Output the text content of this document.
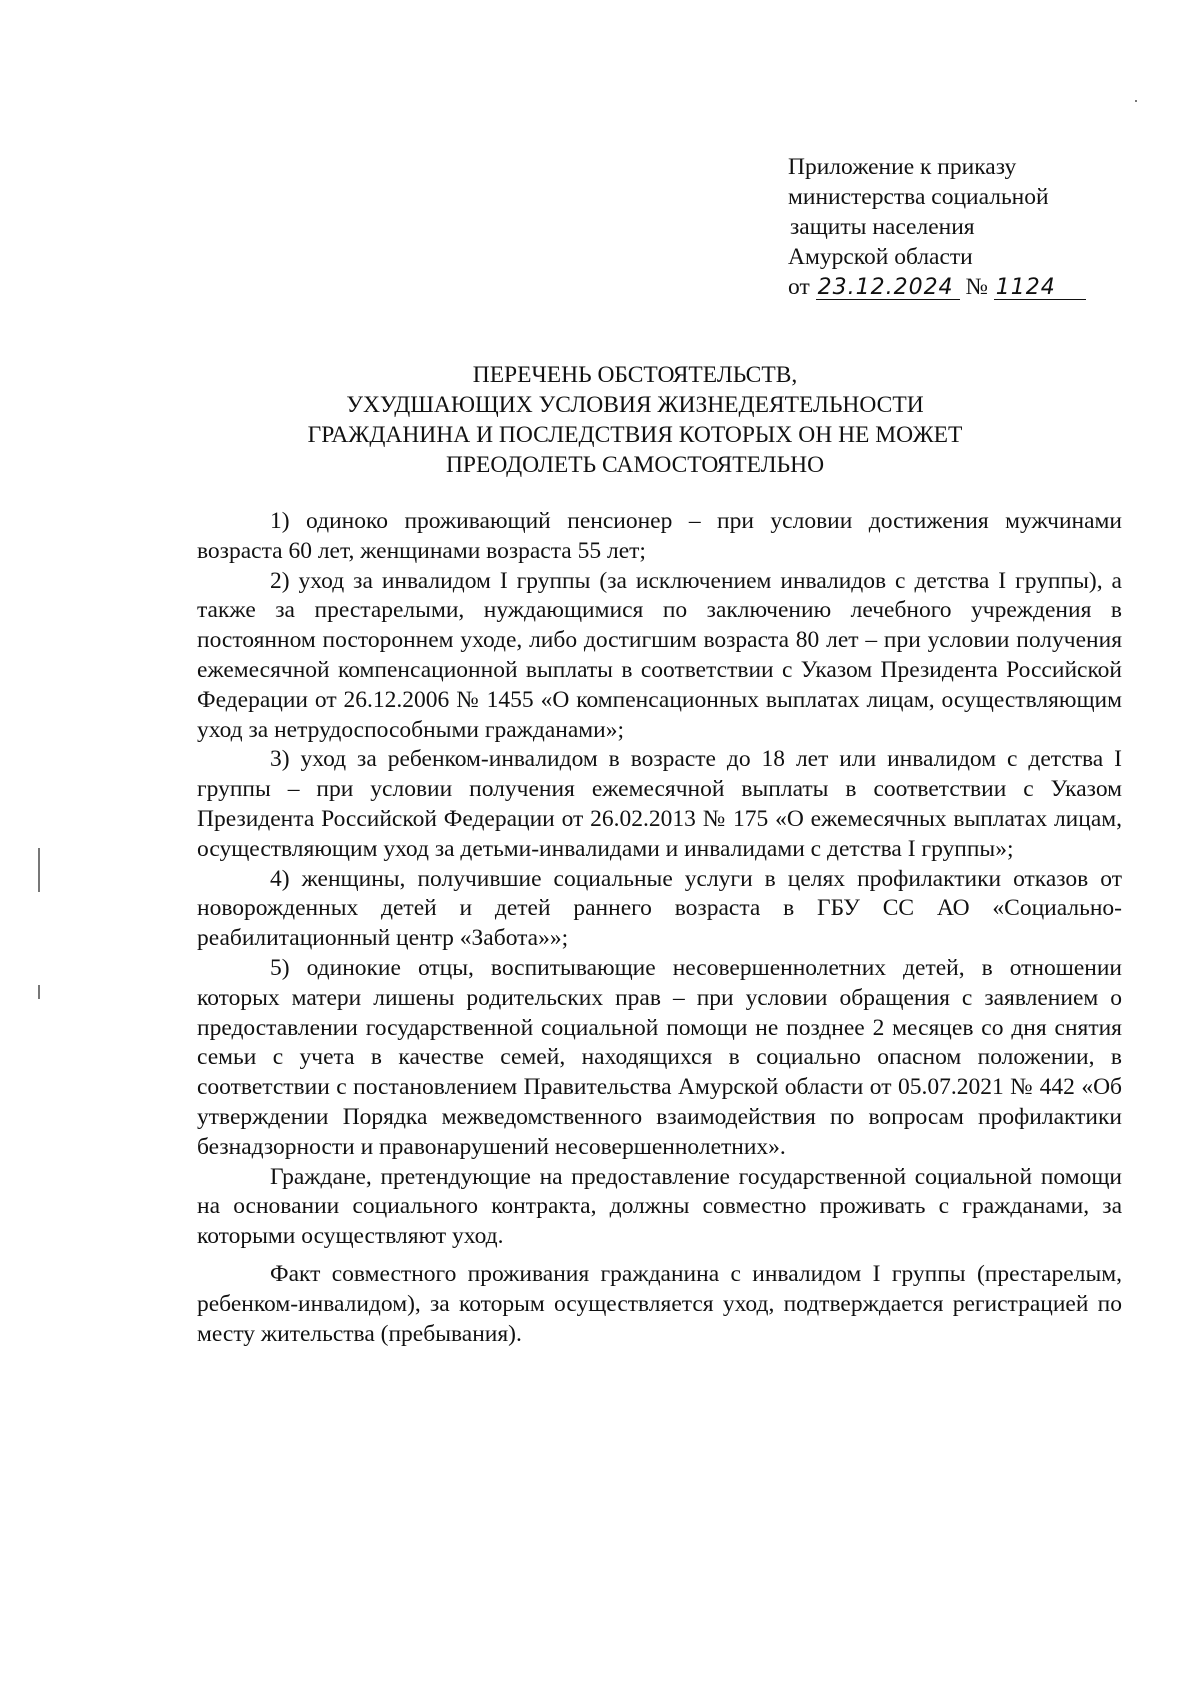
Приложение к приказу
министерства социальной
защиты населения
Амурской области
от 23.12.2024 № 1124
ПЕРЕЧЕНЬ ОБСТОЯТЕЛЬСТВ,
УХУДШАЮЩИХ УСЛОВИЯ ЖИЗНЕДЕЯТЕЛЬНОСТИ
ГРАЖДАНИНА И ПОСЛЕДСТВИЯ КОТОРЫХ ОН НЕ МОЖЕТ
ПРЕОДОЛЕТЬ САМОСТОЯТЕЛЬНО

1) одиноко проживающий пенсионер – при условии достижения мужчинами возраста 60 лет, женщинами возраста 55 лет;

2) уход за инвалидом I группы (за исключением инвалидов с детства I группы), а также за престарелыми, нуждающимися по заключению лечебного учреждения в постоянном постороннем уходе, либо достигшим возраста 80 лет – при условии получения ежемесячной компенсационной выплаты в соответствии с Указом Президента Российской Федерации от 26.12.2006 № 1455 «О компенсационных выплатах лицам, осуществляющим уход за нетрудоспособными гражданами»;

3) уход за ребенком-инвалидом в возрасте до 18 лет или инвалидом с детства I группы – при условии получения ежемесячной выплаты в соответствии с Указом Президента Российской Федерации от 26.02.2013 № 175 «О ежемесячных выплатах лицам, осуществляющим уход за детьми-инвалидами и инвалидами с детства I группы»;

4) женщины, получившие социальные услуги в целях профилактики отказов от новорожденных детей и детей раннего возраста в ГБУ СС АО «Социально-реабилитационный центр «Забота»»;

5) одинокие отцы, воспитывающие несовершеннолетних детей, в отношении которых матери лишены родительских прав – при условии обращения с заявлением о предоставлении государственной социальной помощи не позднее 2 месяцев со дня снятия семьи с учета в качестве семей, находящихся в социально опасном положении, в соответствии с постановлением Правительства Амурской области от 05.07.2021 № 442 «Об утверждении Порядка межведомственного взаимодействия по вопросам профилактики безнадзорности и правонарушений несовершеннолетних».

Граждане, претендующие на предоставление государственной социальной помощи на основании социального контракта, должны совместно проживать с гражданами, за которыми осуществляют уход.

Факт совместного проживания гражданина с инвалидом I группы (престарелым, ребенком-инвалидом), за которым осуществляется уход, подтверждается регистрацией по месту жительства (пребывания).
